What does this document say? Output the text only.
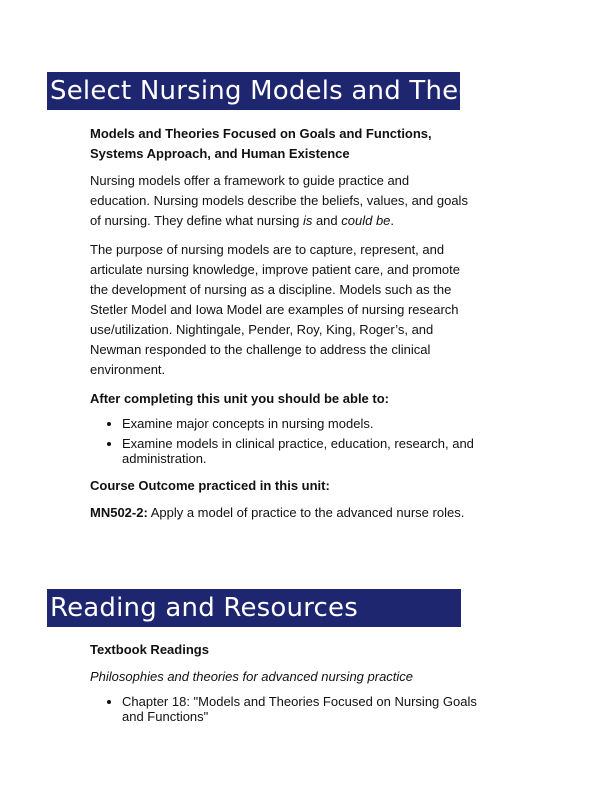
Select Nursing Models and Theories
Models and Theories Focused on Goals and Functions, Systems Approach, and Human Existence

Nursing models offer a framework to guide practice and education. Nursing models describe the beliefs, values, and goals of nursing. They define what nursing is and could be.

The purpose of nursing models are to capture, represent, and articulate nursing knowledge, improve patient care, and promote the development of nursing as a discipline. Models such as the Stetler Model and Iowa Model are examples of nursing research use/utilization. Nightingale, Pender, Roy, King, Roger’s, and Newman responded to the challenge to address the clinical environment.

After completing this unit you should be able to:
• Examine major concepts in nursing models.
• Examine models in clinical practice, education, research, and administration.
Course Outcome practiced in this unit:

MN502-2: Apply a model of practice to the advanced nurse roles.

Reading and Resources
Textbook Readings
Philosophies and theories for advanced nursing practice
• Chapter 18: "Models and Theories Focused on Nursing Goals and Functions"
